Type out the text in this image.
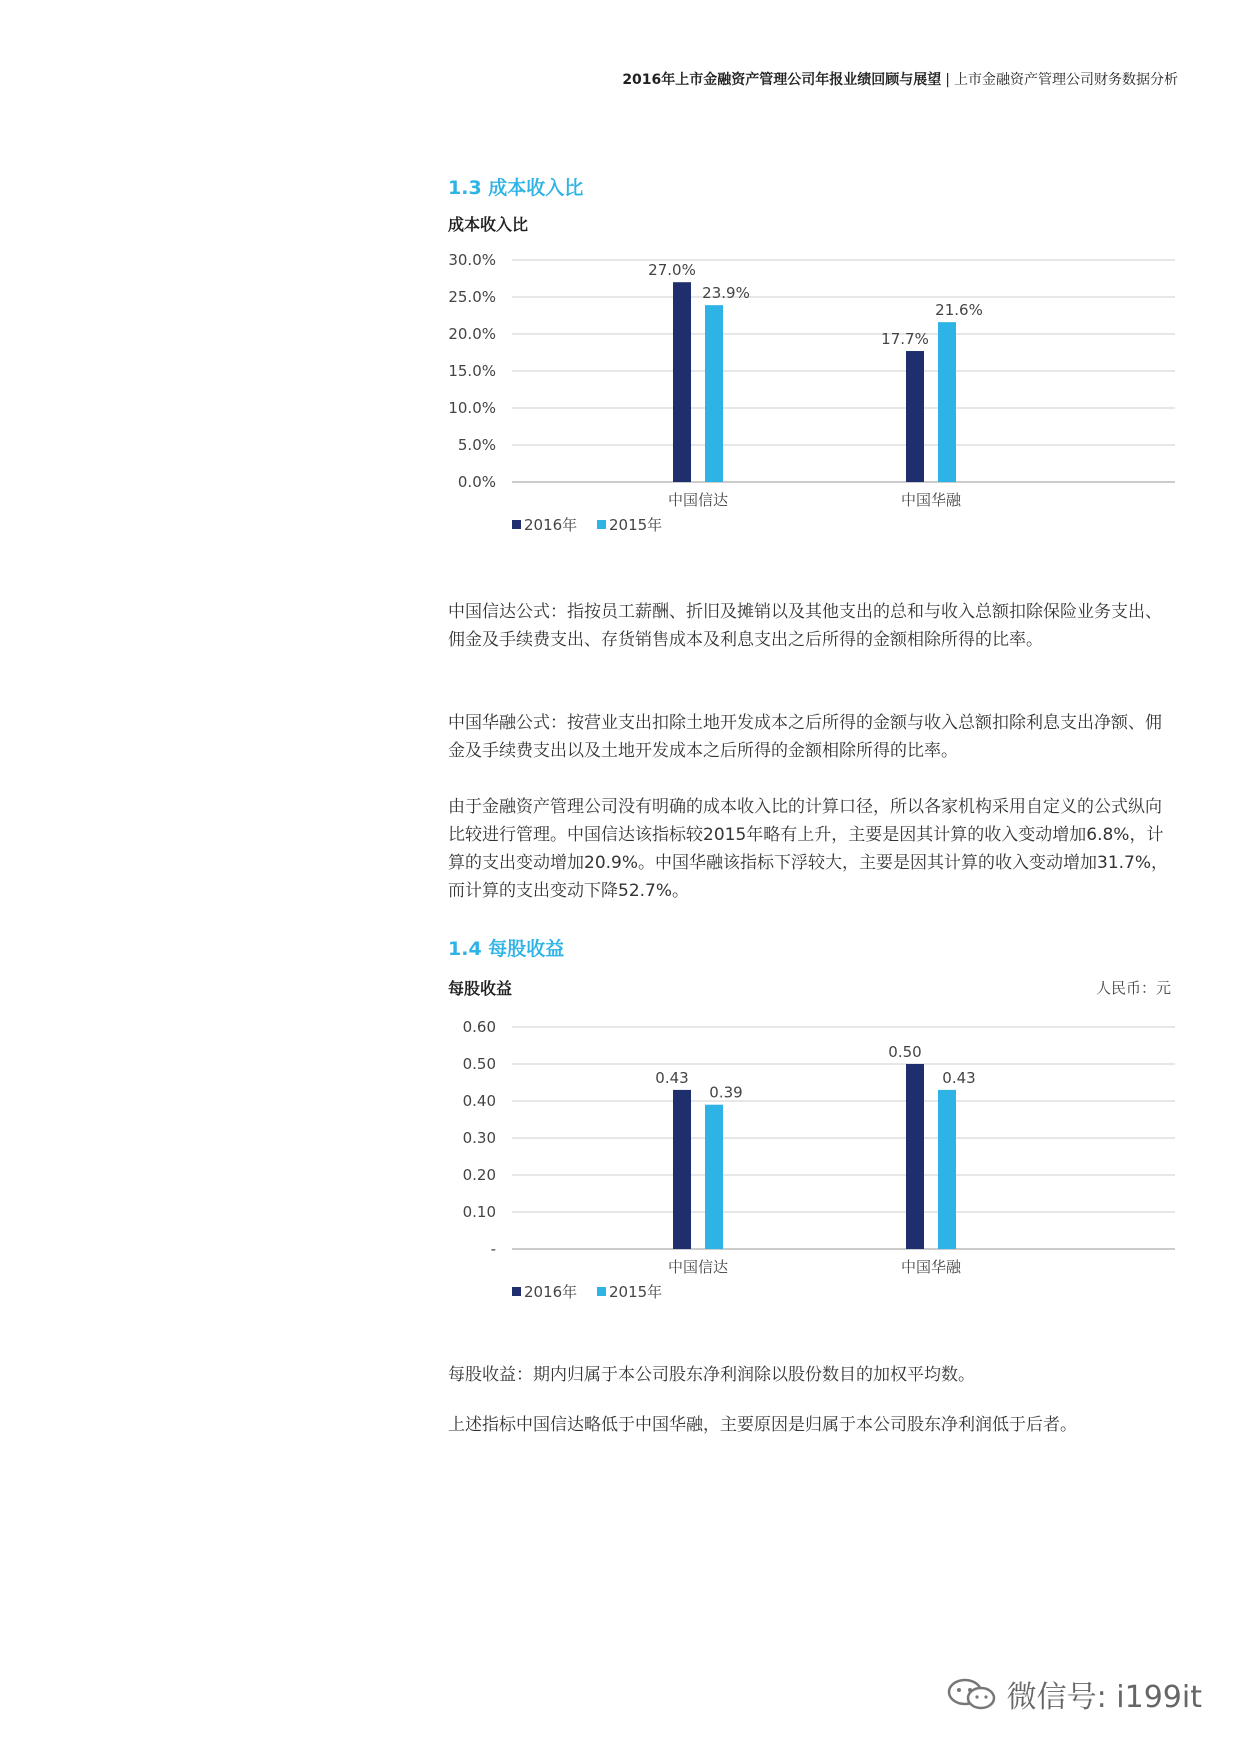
2016年上市金融资产管理公司年报业绩回顾与展望 | 上市金融资产管理公司财务数据分析
1.3 成本收入比
成本收入比
0.0%
5.0%
10.0%
15.0%
20.0%
25.0%
30.0%
27.0%
23.9%
中国信达
17.7%
21.6%
中国华融
2016年 2015年

中国信达公式：指按员工薪酬、折旧及摊销以及其他支出的总和与收入总额扣除保险业务支出、佣金及手续费支出、存货销售成本及利息支出之后所得的金额相除所得的比率。

中国华融公式：按营业支出扣除土地开发成本之后所得的金额与收入总额扣除利息支出净额、佣金及手续费支出以及土地开发成本之后所得的金额相除所得的比率。

由于金融资产管理公司没有明确的成本收入比的计算口径，所以各家机构采用自定义的公式纵向比较进行管理。中国信达该指标较2015年略有上升，主要是因其计算的收入变动增加6.8%，计算的支出变动增加20.9%。中国华融该指标下浮较大，主要是因其计算的收入变动增加31.7%，而计算的支出变动下降52.7%。

1.4 每股收益
每股收益	人民币：元
-
0.10
0.20
0.30
0.40
0.50
0.60
0.43
0.39
中国信达
0.50
0.43
中国华融
2016年 2015年

每股收益：期内归属于本公司股东净利润除以股份数目的加权平均数。

上述指标中国信达略低于中国华融，主要原因是归属于本公司股东净利润低于后者。

微信号: i199it
